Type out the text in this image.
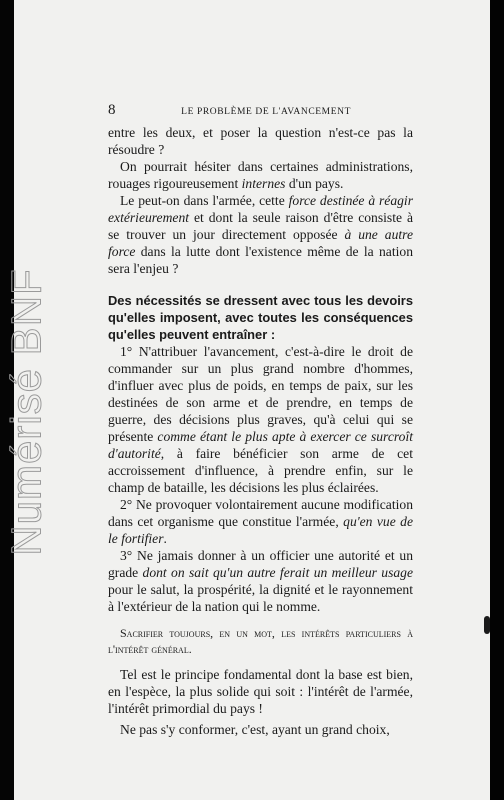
Numérisé BNF
8	LE PROBLÈME DE L'AVANCEMENT

entre les deux, et poser la question n'est-ce pas la résoudre ?

On pourrait hésiter dans certaines administrations, rouages rigoureusement internes d'un pays.

Le peut-on dans l'armée, cette force destinée à réagir extérieurement et dont la seule raison d'être consiste à se trouver un jour directement opposée à une autre force dans la lutte dont l'existence même de la nation sera l'enjeu ?

Des nécessités se dressent avec tous les devoirs qu'elles imposent, avec toutes les conséquences qu'elles peuvent entraîner :

1° N'attribuer l'avancement, c'est-à-dire le droit de commander sur un plus grand nombre d'hommes, d'influer avec plus de poids, en temps de paix, sur les destinées de son arme et de prendre, en temps de guerre, des décisions plus graves, qu'à celui qui se présente comme étant le plus apte à exercer ce surcroît d'autorité, à faire bénéficier son arme de cet accroissement d'influence, à prendre enfin, sur le champ de bataille, les décisions les plus éclairées.

2° Ne provoquer volontairement aucune modification dans cet organisme que constitue l'armée, qu'en vue de le fortifier.

3° Ne jamais donner à un officier une autorité et un grade dont on sait qu'un autre ferait un meilleur usage pour le salut, la prospérité, la dignité et le rayonnement à l'extérieur de la nation qui le nomme.

Sacrifier toujours, en un mot, les intérêts particuliers à l'intérêt général.

Tel est le principe fondamental dont la base est bien, en l'espèce, la plus solide qui soit : l'intérêt de l'armée, l'intérêt primordial du pays !

Ne pas s'y conformer, c'est, ayant un grand choix,
